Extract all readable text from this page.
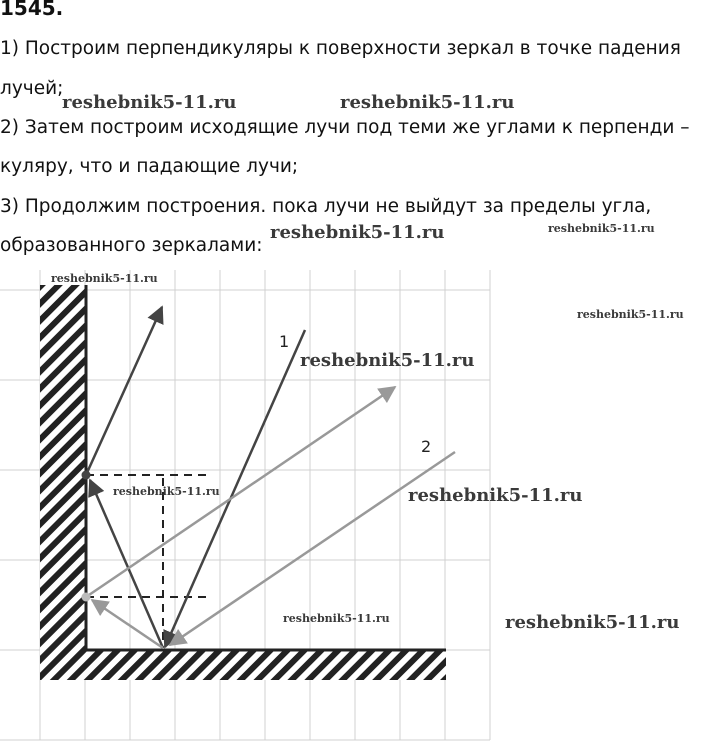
1545.
1) Построим перпендикуляры к поверхности зеркал в точке падения
лучей;
2) Затем построим исходящие лучи под теми же углами к перпенди –
куляру, что и падающие лучи;
3) Продолжим построения. пока лучи не выйдут за пределы угла,
образованного зеркалами:
1
2
reshebnik5-11.ru	reshebnik5-11.ru
reshebnik5-11.ru	reshebnik5-11.ru
reshebnik5-11.ru
reshebnik5-11.ru
reshebnik5-11.ru
reshebnik5-11.ru	reshebnik5-11.ru
reshebnik5-11.ru	reshebnik5-11.ru
